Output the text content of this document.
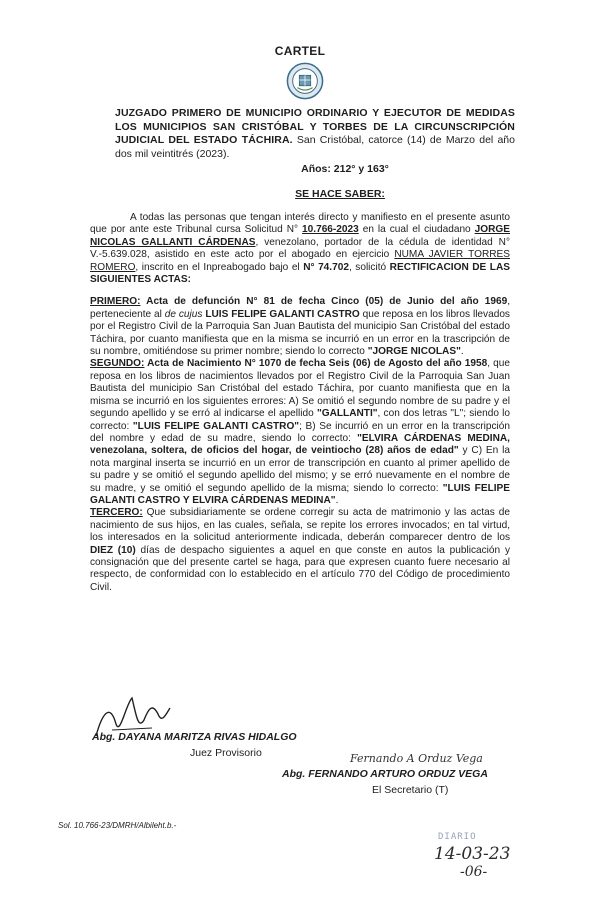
CARTEL
JUZGADO PRIMERO DE MUNICIPIO ORDINARIO Y EJECUTOR DE MEDIDAS LOS MUNICIPIOS SAN CRISTÓBAL Y TORBES DE LA CIRCUNSCRIPCIÓN JUDICIAL DEL ESTADO TÁCHIRA. San Cristóbal, catorce (14) de Marzo del año dos mil veintitrés (2023).
Años: 212° y 163°
SE HACE SABER:

A todas las personas que tengan interés directo y manifiesto en el presente asunto que por ante este Tribunal cursa Solicitud N° 10.766-2023 en la cual el ciudadano JORGE NICOLAS GALLANTI CÁRDENAS, venezolano, portador de la cédula de identidad N° V.-5.639.028, asistido en este acto por el abogado en ejercicio NUMA JAVIER TORRES ROMERO, inscrito en el Inpreabogado bajo el N° 74.702, solicitó RECTIFICACION DE LAS SIGUIENTES ACTAS:

PRIMERO: Acta de defunción N° 81 de fecha Cinco (05) de Junio del año 1969, perteneciente al de cujus LUIS FELIPE GALANTI CASTRO que reposa en los libros llevados por el Registro Civil de la Parroquia San Juan Bautista del municipio San Cristóbal del estado Táchira, por cuanto manifiesta que en la misma se incurrió en un error en la trascripción de su nombre, omitiéndose su primer nombre; siendo lo correcto "JORGE NICOLAS".

SEGUNDO: Acta de Nacimiento N° 1070 de fecha Seis (06) de Agosto del año 1958, que reposa en los libros de nacimientos llevados por el Registro Civil de la Parroquia San Juan Bautista del municipio San Cristóbal del estado Táchira, por cuanto manifiesta que en la misma se incurrió en los siguientes errores: A) Se omitió el segundo nombre de su padre y el segundo apellido y se erró al indicarse el apellido "GALLANTI", con dos letras "L"; siendo lo correcto: "LUIS FELIPE GALANTI CASTRO"; B) Se incurrió en un error en la transcripción del nombre y edad de su madre, siendo lo correcto: "ELVIRA CÁRDENAS MEDINA, venezolana, soltera, de oficios del hogar, de veintiocho (28) años de edad" y C) En la nota marginal inserta se incurrió en un error de transcripción en cuanto al primer apellido de su padre y se omitió el segundo apellido del mismo; y se erró nuevamente en el nombre de su madre, y se omitió el segundo apellido de la misma; siendo lo correcto: "LUIS FELIPE GALANTI CASTRO Y ELVIRA CÁRDENAS MEDINA".

TERCERO: Que subsidiariamente se ordene corregir su acta de matrimonio y las actas de nacimiento de sus hijos, en las cuales, señala, se repite los errores invocados; en tal virtud, los interesados en la solicitud anteriormente indicada, deberán comparecer dentro de los DIEZ (10) días de despacho siguientes a aquel en que conste en autos la publicación y consignación que del presente cartel se haga, para que expresen cuanto fuere necesario al respecto, de conformidad con lo establecido en el artículo 770 del Código de procedimiento Civil.

Abg. DAYANA MARITZA RIVAS HIDALGO
Juez Provisorio	Fernando A Orduz Vega
Abg. FERNANDO ARTURO ORDUZ VEGA
El Secretario (T)
Sol. 10.766-23/DMRH/Albileht.b.-
DIARIO
14-03-23
-06-
